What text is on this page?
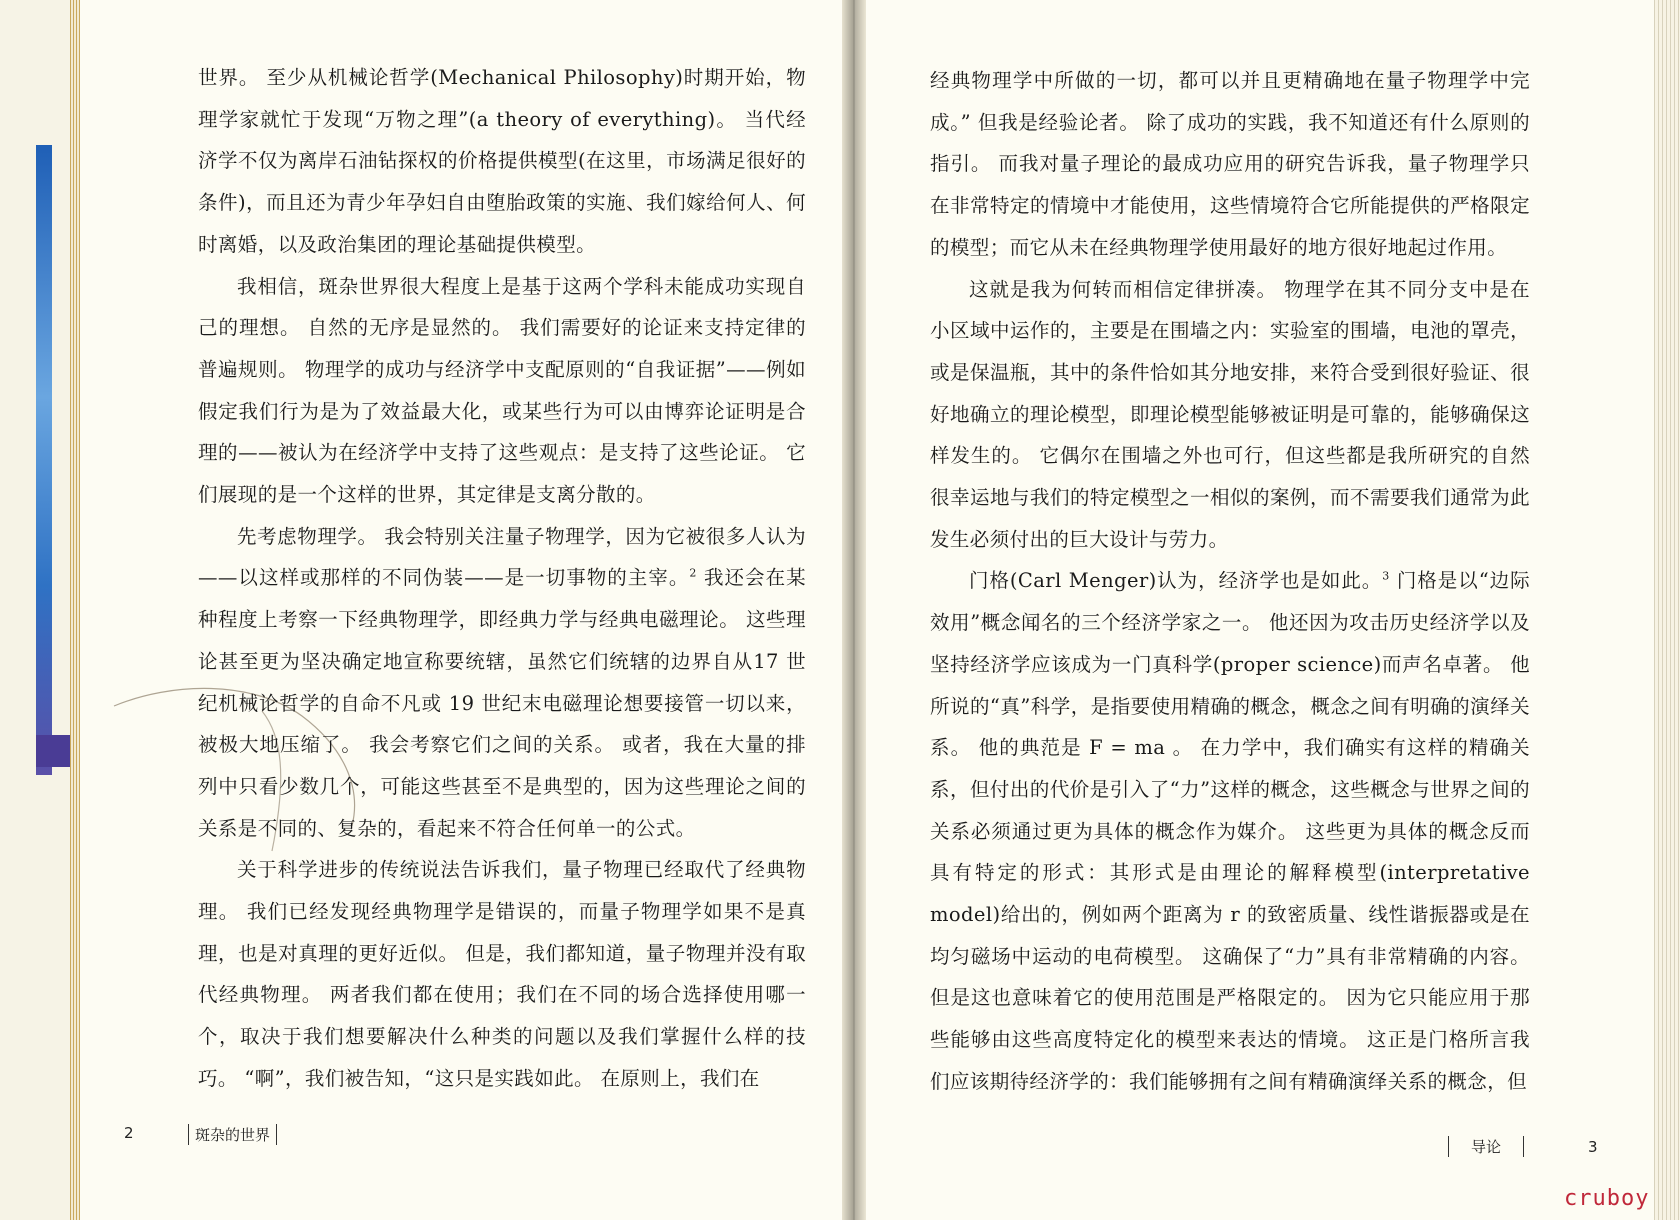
世界。 至少从机械论哲学(Mechanical Philosophy)时期开始，物理学家就忙于发现“万物之理”(a theory of everything)。 当代经济学不仅为离岸石油钻探权的价格提供模型(在这里，市场满足很好的条件)，而且还为青少年孕妇自由堕胎政策的实施、我们嫁给何人、何时离婚，以及政治集团的理论基础提供模型。

我相信，斑杂世界很大程度上是基于这两个学科未能成功实现自己的理想。 自然的无序是显然的。 我们需要好的论证来支持定律的普遍规则。 物理学的成功与经济学中支配原则的“自我证据”——例如假定我们行为是为了效益最大化，或某些行为可以由博弈论证明是合理的——被认为在经济学中支持了这些观点：是支持了这些论证。 它们展现的是一个这样的世界，其定律是支离分散的。

先考虑物理学。 我会特别关注量子物理学，因为它被很多人认为——以这样或那样的不同伪装——是一切事物的主宰。$^2$ 我还会在某种程度上考察一下经典物理学，即经典力学与经典电磁理论。 这些理论甚至更为坚决确定地宣称要统辖，虽然它们统辖的边界自从17 世纪机械论哲学的自命不凡或 19 世纪末电磁理论想要接管一切以来，被极大地压缩了。 我会考察它们之间的关系。 或者，我在大量的排列中只看少数几个，可能这些甚至不是典型的，因为这些理论之间的关系是不同的、复杂的，看起来不符合任何单一的公式。

关于科学进步的传统说法告诉我们，量子物理已经取代了经典物理。 我们已经发现经典物理学是错误的，而量子物理学如果不是真理，也是对真理的更好近似。 但是，我们都知道，量子物理并没有取代经典物理。 两者我们都在使用；我们在不同的场合选择使用哪一个，取决于我们想要解决什么种类的问题以及我们掌握什么样的技巧。 “啊”，我们被告知，“这只是实践如此。 在原则上，我们在

经典物理学中所做的一切，都可以并且更精确地在量子物理学中完成。” 但我是经验论者。 除了成功的实践，我不知道还有什么原则的指引。 而我对量子理论的最成功应用的研究告诉我，量子物理学只在非常特定的情境中才能使用，这些情境符合它所能提供的严格限定的模型；而它从未在经典物理学使用最好的地方很好地起过作用。

这就是我为何转而相信定律拼凑。 物理学在其不同分支中是在小区域中运作的，主要是在围墙之内：实验室的围墙，电池的罩壳，或是保温瓶，其中的条件恰如其分地安排，来符合受到很好验证、很好地确立的理论模型，即理论模型能够被证明是可靠的，能够确保这样发生的。 它偶尔在围墙之外也可行，但这些都是我所研究的自然很幸运地与我们的特定模型之一相似的案例，而不需要我们通常为此发生必须付出的巨大设计与劳力。

门格(Carl Menger)认为，经济学也是如此。$^3$ 门格是以“边际效用”概念闻名的三个经济学家之一。 他还因为攻击历史经济学以及坚持经济学应该成为一门真科学(proper science)而声名卓著。 他所说的“真”科学，是指要使用精确的概念，概念之间有明确的演绎关系。 他的典范是 F = ma 。 在力学中，我们确实有这样的精确关系，但付出的代价是引入了“力”这样的概念，这些概念与世界之间的关系必须通过更为具体的概念作为媒介。 这些更为具体的概念反而具有特定的形式：其形式是由理论的解释模型(interpretative model)给出的，例如两个距离为 r 的致密质量、线性谐振器或是在均匀磁场中运动的电荷模型。 这确保了“力”具有非常精确的内容。 但是这也意味着它的使用范围是严格限定的。 因为它只能应用于那些能够由这些高度特定化的模型来表达的情境。 这正是门格所言我们应该期待经济学的：我们能够拥有之间有精确演绎关系的概念，但

2	斑杂的世界
导论	3
cruboy
